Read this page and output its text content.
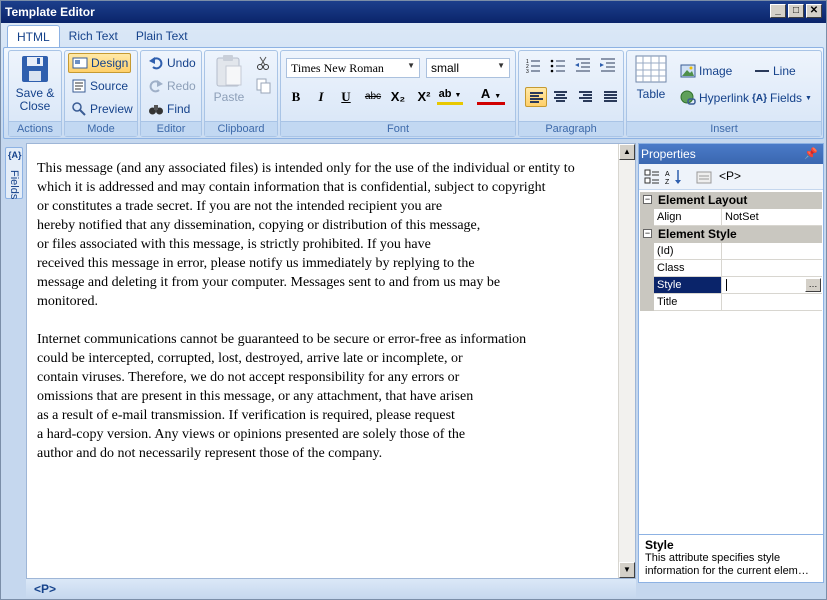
Template Editor	_	□	✕
HTML	Rich Text	Plain Text
Save &
Close
Actions
Design
Source
Preview
Mode
Undo
Redo
Find
Editor
Paste
Clipboard
Times New Roman	▼	small	▼
B	I	U	abc X₂ X² ab ▼ A ▼
Font
1
2
3
Paragraph
Table
Image	Line
Hyperlink {A} Fields ▼
Insert
{A}
Fields
This message (and any associated files) is intended only for the use of the individual or entity to
which it is addressed and may contain information that is confidential, subject to copyright
or constitutes a trade secret. If you are not the intended recipient you are
hereby notified that any dissemination, copying or distribution of this message,
or files associated with this message, is strictly prohibited. If you have
received this message in error, please notify us immediately by replying to the
message and deleting it from your computer. Messages sent to and from us may be
monitored.
Internet communications cannot be guaranteed to be secure or error-free as information
could be intercepted, corrupted, lost, destroyed, arrive late or incomplete, or
contain viruses. Therefore, we do not accept responsibility for any errors or
omissions that are present in this message, or any attachment, that have arisen
as a result of e-mail transmission. If verification is required, please request
a hard-copy version. Any views or opinions presented are solely those of the
author and do not necessarily represent those of the company.
▲
▼
<P>
Properties	📌
A
Z	<P>
− Element Layout
Align	NotSet
− Element Style
(Id)
Class
Style	…
Title
Style
This attribute specifies style information for the current elem…
